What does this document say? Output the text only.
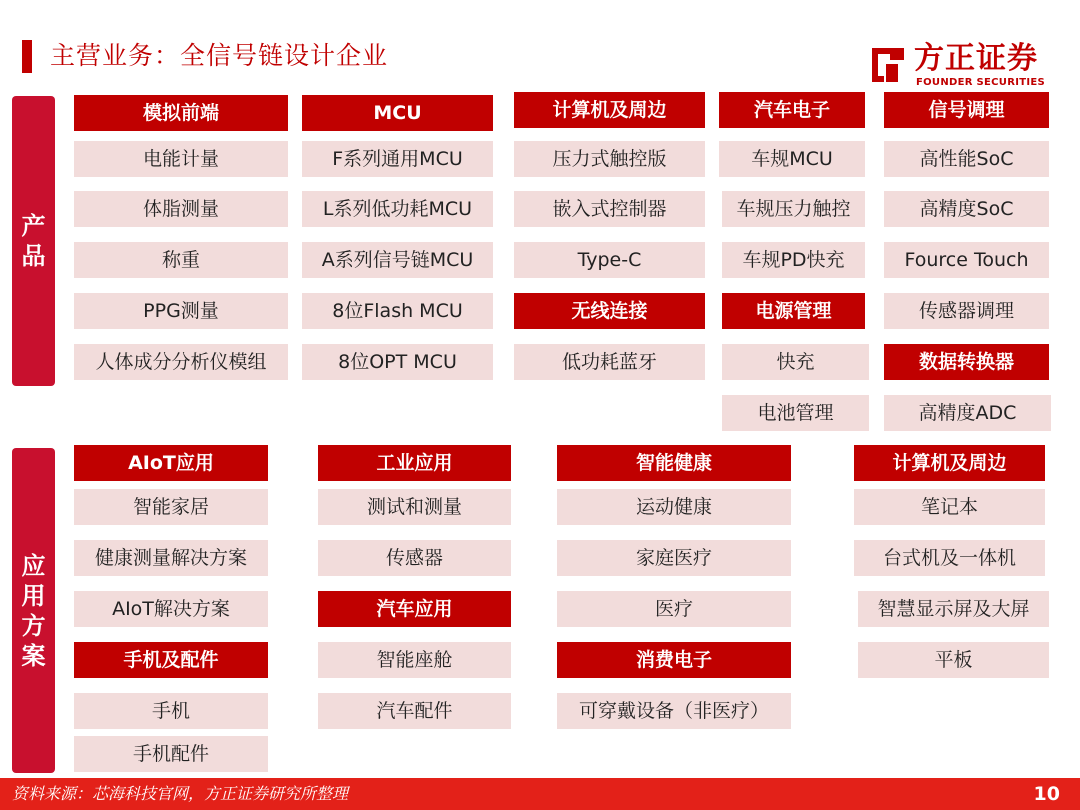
主营业务：全信号链设计企业	方正证券
FOUNDER SECURITIES
产品
模拟前端
电能计量
体脂测量
称重
PPG测量
人体成分分析仪模组
MCU
F系列通用MCU
L系列低功耗MCU
A系列信号链MCU
8位Flash MCU
8位OPT MCU
计算机及周边
压力式触控版
嵌入式控制器
Type-C
无线连接
低功耗蓝牙
汽车电子
车规MCU
车规压力触控
车规PD快充
电源管理
快充
电池管理
信号调理
高性能SoC
高精度SoC
Fource Touch
传感器调理
数据转换器
高精度ADC
应用方案
AIoT应用
智能家居
健康测量解决方案
AIoT解决方案
手机及配件
手机
手机配件
工业应用
测试和测量
传感器
汽车应用
智能座舱
汽车配件
智能健康
运动健康
家庭医疗
医疗
消费电子
可穿戴设备（非医疗）
计算机及周边
笔记本
台式机及一体机
智慧显示屏及大屏
平板
资料来源：芯海科技官网，方正证券研究所整理	10
